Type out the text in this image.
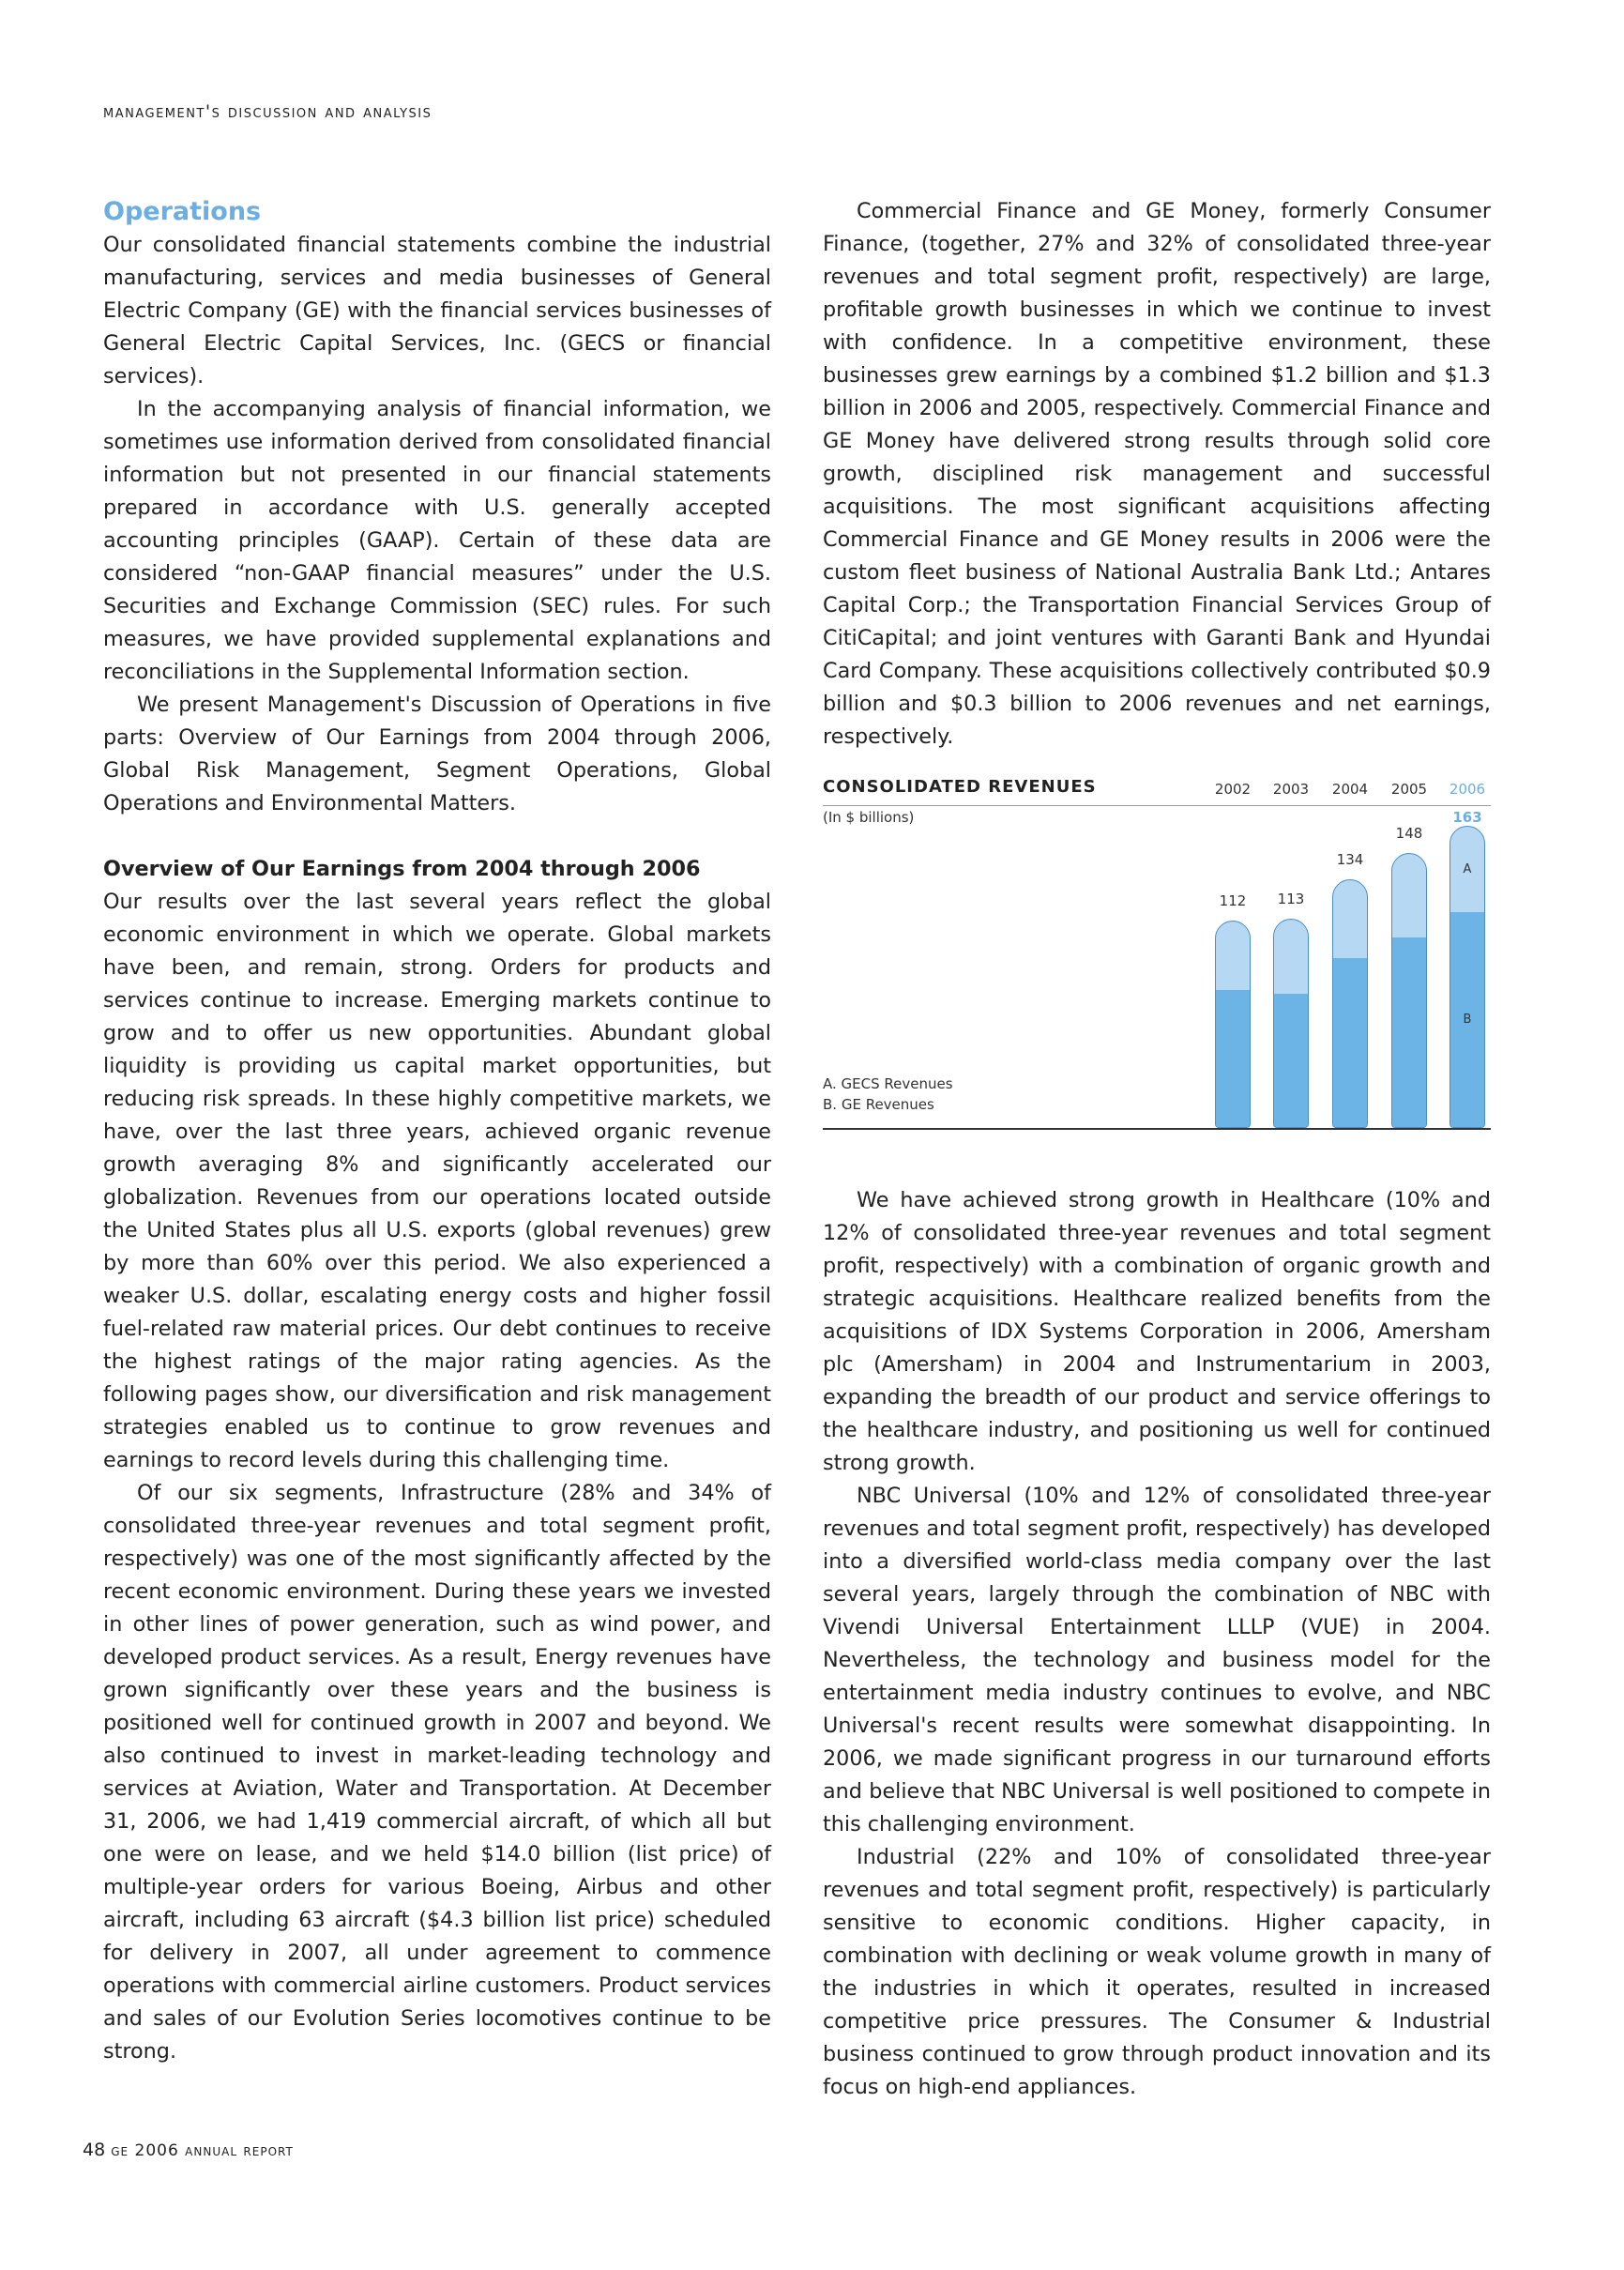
management's discussion and analysis
Operations

Our consolidated financial statements combine the industrial manufacturing, services and media businesses of General Electric Company (GE) with the financial services businesses of General Electric Capital Services, Inc. (GECS or financial services).

In the accompanying analysis of financial information, we sometimes use information derived from consolidated financial information but not presented in our financial statements prepared in accordance with U.S. generally accepted accounting principles (GAAP). Certain of these data are considered “non-GAAP financial measures” under the U.S. Securities and Exchange Commission (SEC) rules. For such measures, we have provided supplemental explanations and reconciliations in the Supplemental Information section.

We present Management's Discussion of Operations in five parts: Overview of Our Earnings from 2004 through 2006, Global Risk Management, Segment Operations, Global Operations and Environmental Matters.

Overview of Our Earnings from 2004 through 2006

Our results over the last several years reflect the global economic environment in which we operate. Global markets have been, and remain, strong. Orders for products and services continue to increase. Emerging markets continue to grow and to offer us new opportunities. Abundant global liquidity is providing us capital market opportunities, but reducing risk spreads. In these highly competitive markets, we have, over the last three years, achieved organic revenue growth averaging 8% and significantly accelerated our globalization. Revenues from our operations located outside the United States plus all U.S. exports (global revenues) grew by more than 60% over this period. We also experienced a weaker U.S. dollar, escalating energy costs and higher fossil fuel-related raw material prices. Our debt continues to receive the highest ratings of the major rating agencies. As the following pages show, our diversification and risk management strategies enabled us to continue to grow revenues and earnings to record levels during this challenging time.

Of our six segments, Infrastructure (28% and 34% of consolidated three-year revenues and total segment profit, respectively) was one of the most significantly affected by the recent economic environment. During these years we invested in other lines of power generation, such as wind power, and developed product services. As a result, Energy revenues have grown significantly over these years and the business is positioned well for continued growth in 2007 and beyond. We also continued to invest in market-leading technology and services at Aviation, Water and Transportation. At December 31, 2006, we had 1,419 commercial aircraft, of which all but one were on lease, and we held $14.0 billion (list price) of multiple-year orders for various Boeing, Airbus and other aircraft, including 63 aircraft ($4.3 billion list price) scheduled for delivery in 2007, all under agreement to commence operations with commercial airline customers. Product services and sales of our Evolution Series locomotives continue to be strong.

Commercial Finance and GE Money, formerly Consumer Finance, (together, 27% and 32% of consolidated three-year revenues and total segment profit, respectively) are large, profitable growth businesses in which we continue to invest with confidence. In a competitive environment, these businesses grew earnings by a combined $1.2 billion and $1.3 billion in 2006 and 2005, respectively. Commercial Finance and GE Money have delivered strong results through solid core growth, disciplined risk management and successful acquisitions. The most significant acquisitions affecting Commercial Finance and GE Money results in 2006 were the custom fleet business of National Australia Bank Ltd.; Antares Capital Corp.; the Transportation Financial Services Group of CitiCapital; and joint ventures with Garanti Bank and Hyundai Card Company. These acquisitions collectively contributed $0.9 billion and $0.3 billion to 2006 revenues and net earnings, respectively.

CONSOLIDATED REVENUES
(In $ billions)
A. GECS Revenues
B. GE Revenues
2002
112
2003
113
2004
134
2005
148
2006
163
A
B

We have achieved strong growth in Healthcare (10% and 12% of consolidated three-year revenues and total segment profit, respectively) with a combination of organic growth and strategic acquisitions. Healthcare realized benefits from the acquisitions of IDX Systems Corporation in 2006, Amersham plc (Amersham) in 2004 and Instrumentarium in 2003, expanding the breadth of our product and service offerings to the healthcare industry, and positioning us well for continued strong growth.

NBC Universal (10% and 12% of consolidated three-year revenues and total segment profit, respectively) has developed into a diversified world-class media company over the last several years, largely through the combination of NBC with Vivendi Universal Entertainment LLLP (VUE) in 2004. Nevertheless, the technology and business model for the entertainment media industry continues to evolve, and NBC Universal's recent results were somewhat disappointing. In 2006, we made significant progress in our turnaround efforts and believe that NBC Universal is well positioned to compete in this challenging environment.

Industrial (22% and 10% of consolidated three-year revenues and total segment profit, respectively) is particularly sensitive to economic conditions. Higher capacity, in combination with declining or weak volume growth in many of the industries in which it operates, resulted in increased competitive price pressures. The Consumer & Industrial business continued to grow through product innovation and its focus on high-end appliances.

48 ge 2006 annual report
